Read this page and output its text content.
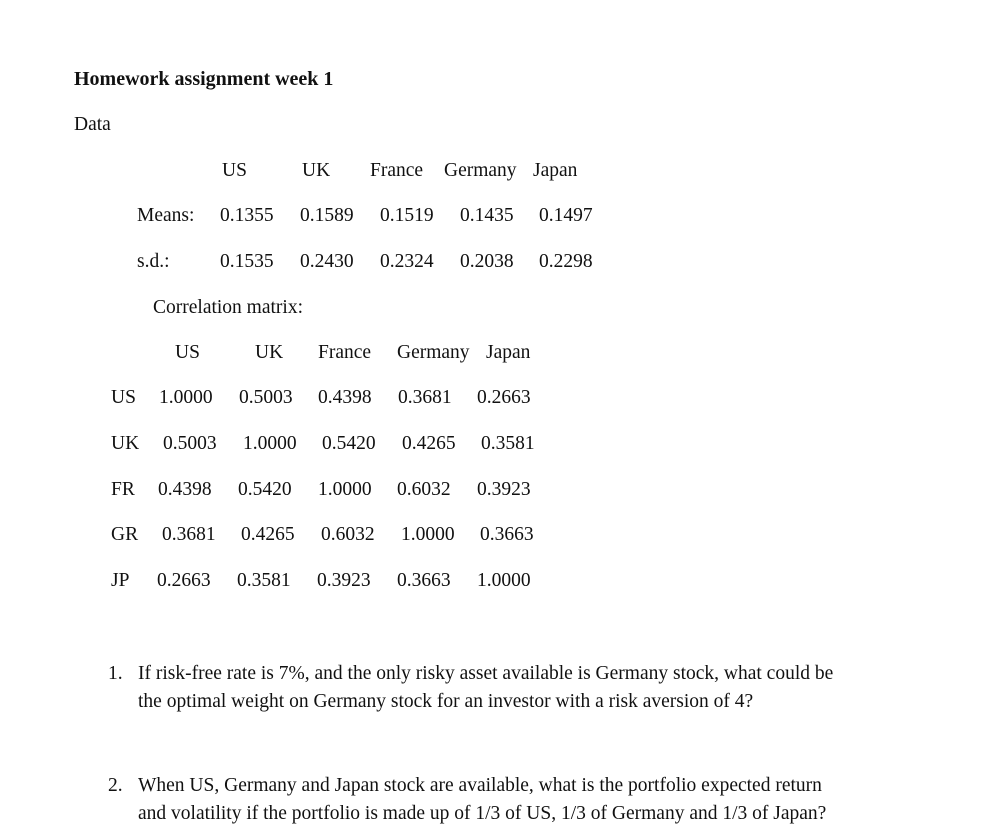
Homework assignment week 1
Data
US	UK France Germany Japan
Means: 0.1355 0.1589 0.1519 0.1435 0.1497
s.d.:	0.1535 0.2430 0.2324 0.2038 0.2298
Correlation matrix:
US	UK France Germany Japan
US 1.0000 0.5003 0.4398 0.3681 0.2663
UK 0.5003 1.0000 0.5420 0.4265 0.3581
FR 0.4398 0.5420 1.0000 0.6032 0.3923
GR 0.3681 0.4265 0.6032 1.0000 0.3663
JP 0.2663 0.3581 0.3923 0.3663 1.0000
1. If risk-free rate is 7%, and the only risky asset available is Germany stock, what could be
the optimal weight on Germany stock for an investor with a risk aversion of 4?
2. When US, Germany and Japan stock are available, what is the portfolio expected return
and volatility if the portfolio is made up of 1/3 of US, 1/3 of Germany and 1/3 of Japan?
